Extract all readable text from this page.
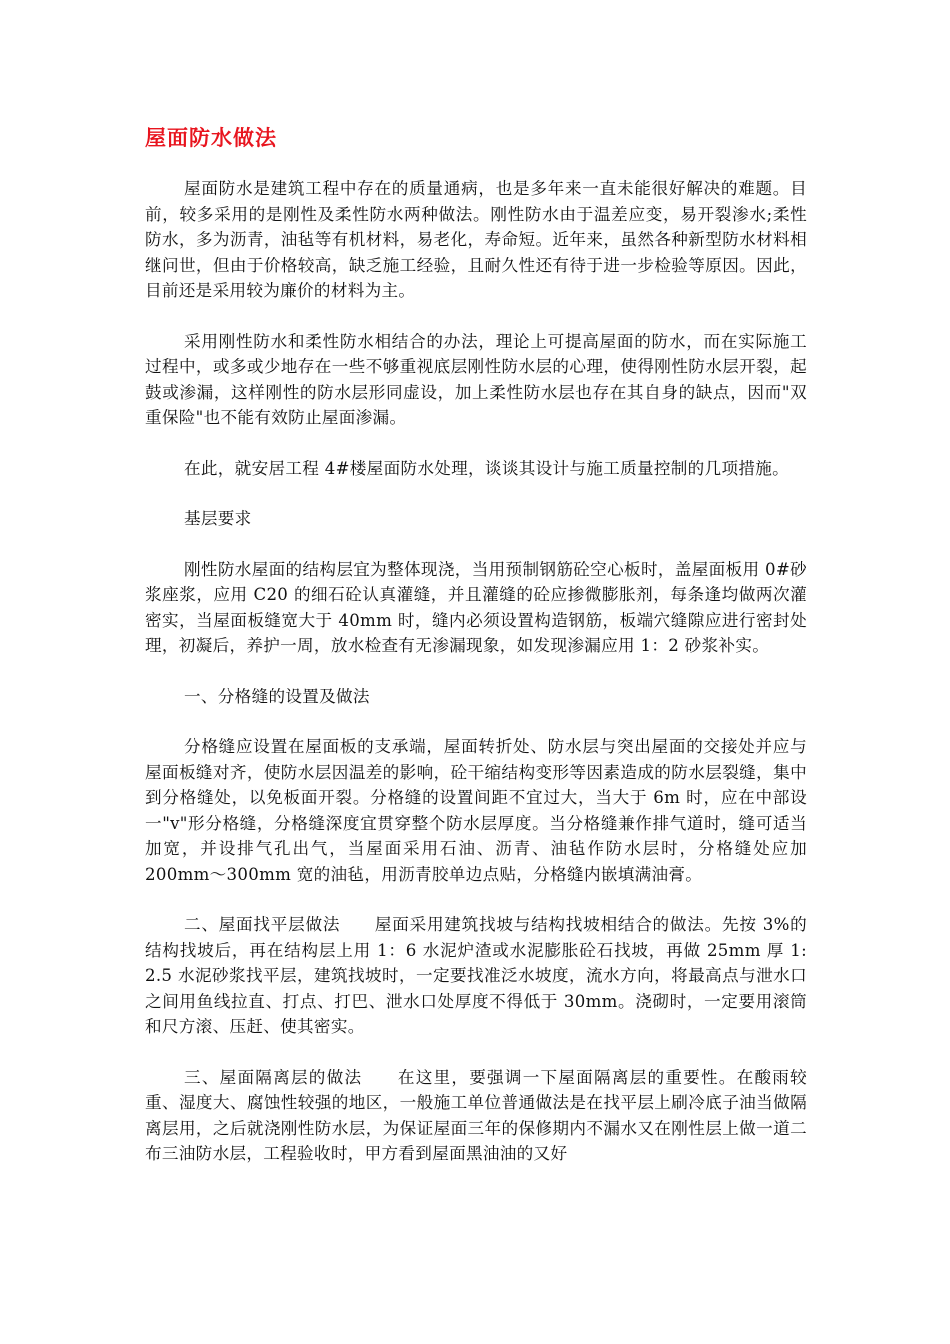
屋面防水做法

屋面防水是建筑工程中存在的质量通病，也是多年来一直未能很好解决的难题。目前，较多采用的是刚性及柔性防水两种做法。刚性防水由于温差应变，易开裂渗水;柔性防水，多为沥青，油毡等有机材料，易老化，寿命短。近年来，虽然各种新型防水材料相继问世，但由于价格较高，缺乏施工经验，且耐久性还有待于进一步检验等原因。因此，目前还是采用较为廉价的材料为主。

采用刚性防水和柔性防水相结合的办法，理论上可提高屋面的防水，而在实际施工过程中，或多或少地存在一些不够重视底层刚性防水层的心理，使得刚性防水层开裂，起鼓或渗漏，这样刚性的防水层形同虚设，加上柔性防水层也存在其自身的缺点，因而"双重保险"也不能有效防止屋面渗漏。

在此，就安居工程 4#楼屋面防水处理，谈谈其设计与施工质量控制的几项措施。

基层要求

刚性防水屋面的结构层宜为整体现浇，当用预制钢筋砼空心板时，盖屋面板用 0#砂浆座浆，应用 C20 的细石砼认真灌缝，并且灌缝的砼应掺微膨胀剂，每条逢均做两次灌密实，当屋面板缝宽大于 40mm 时，缝内必须设置构造钢筋，板端穴缝隙应进行密封处理，初凝后，养护一周，放水检查有无渗漏现象，如发现渗漏应用 1：2 砂浆补实。

一、分格缝的设置及做法

分格缝应设置在屋面板的支承端，屋面转折处、防水层与突出屋面的交接处并应与屋面板缝对齐，使防水层因温差的影响，砼干缩结构变形等因素造成的防水层裂缝，集中到分格缝处，以免板面开裂。分格缝的设置间距不宜过大，当大于 6m 时，应在中部设一"v"形分格缝，分格缝深度宜贯穿整个防水层厚度。当分格缝兼作排气道时，缝可适当加宽，并设排气孔出气，当屋面采用石油、沥青、油毡作防水层时，分格缝处应加 200mm～300mm 宽的油毡，用沥青胶单边点贴，分格缝内嵌填满油膏。

二、屋面找平层做法　　屋面采用建筑找坡与结构找坡相结合的做法。先按 3%的结构找坡后，再在结构层上用 1：6 水泥炉渣或水泥膨胀砼石找坡，再做 25mm 厚 1: 2.5 水泥砂浆找平层，建筑找坡时，一定要找准泛水坡度，流水方向，将最高点与泄水口之间用鱼线拉直、打点、打巴、泄水口处厚度不得低于 30mm。浇砌时，一定要用滚筒和尺方滚、压赶、使其密实。

三、屋面隔离层的做法　　在这里，要强调一下屋面隔离层的重要性。在酸雨较重、湿度大、腐蚀性较强的地区，一般施工单位普通做法是在找平层上刷冷底子油当做隔离层用，之后就浇刚性防水层，为保证屋面三年的保修期内不漏水又在刚性层上做一道二布三油防水层，工程验收时，甲方看到屋面黑油油的又好
